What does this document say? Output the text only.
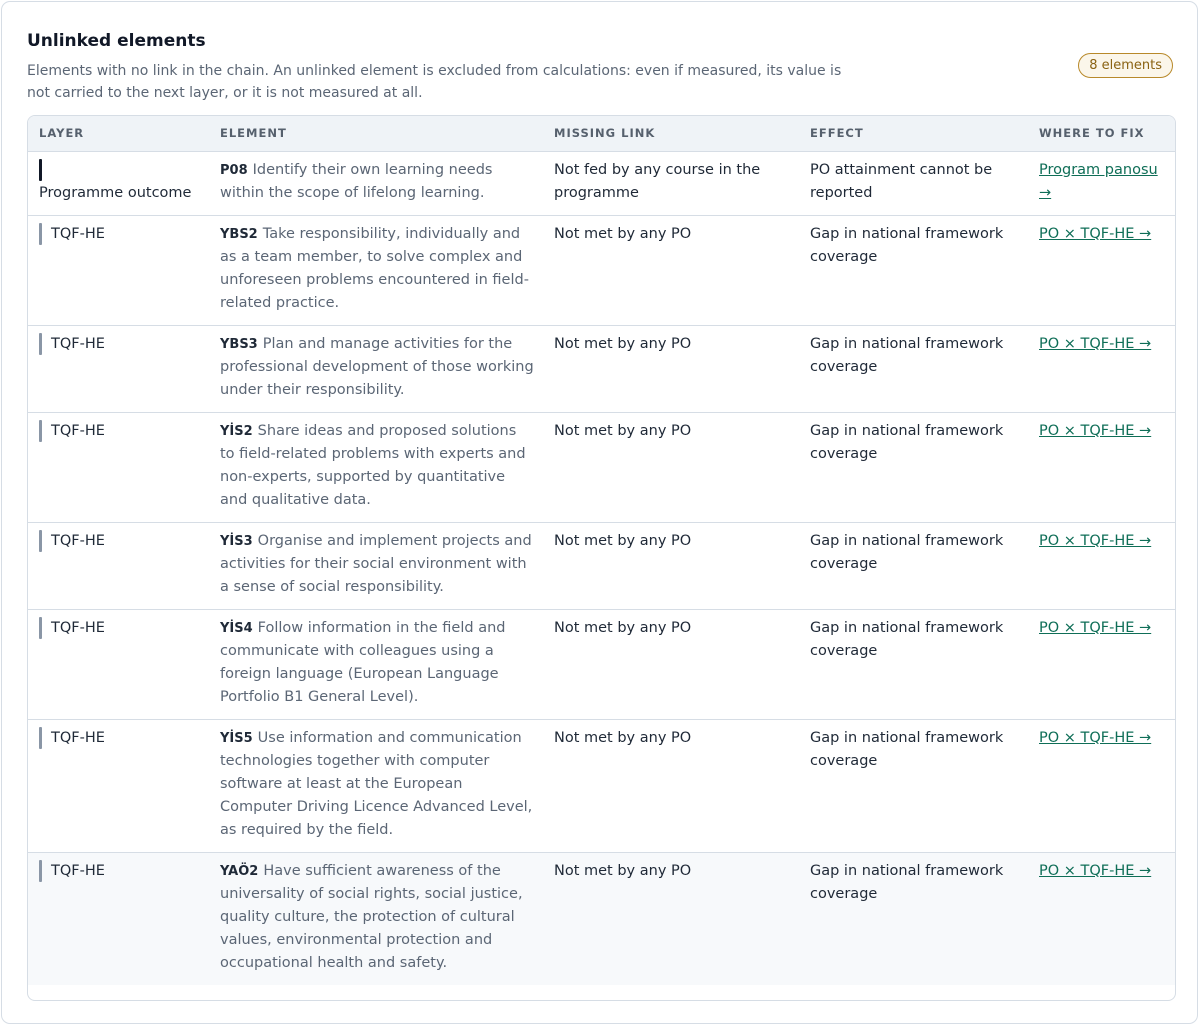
Unlinked elements

Elements with no link in the chain. An unlinked element is excluded from calculations: even if measured, its value is not carried to the next layer, or it is not measured at all.

8 elements
LAYER	ELEMENT	MISSING LINK	EFFECT	WHERE TO FIX
Programme outcome	P08 Identify their own learning needs within the scope of lifelong learning.	Not fed by any course in the programme	PO attainment cannot be reported	Program panosu →
TQF-HE	YBS2 Take responsibility, individually and as a team member, to solve complex and unforeseen problems encountered in field-related practice.	Not met by any PO	Gap in national framework coverage	PO × TQF-HE →
TQF-HE	YBS3 Plan and manage activities for the professional development of those working under their responsibility.	Not met by any PO	Gap in national framework coverage	PO × TQF-HE →
TQF-HE	YİS2 Share ideas and proposed solutions to field-related problems with experts and non-experts, supported by quantitative and qualitative data.	Not met by any PO	Gap in national framework coverage	PO × TQF-HE →
TQF-HE	YİS3 Organise and implement projects and activities for their social environment with a sense of social responsibility.	Not met by any PO	Gap in national framework coverage	PO × TQF-HE →
TQF-HE	YİS4 Follow information in the field and communicate with colleagues using a foreign language (European Language Portfolio B1 General Level).	Not met by any PO	Gap in national framework coverage	PO × TQF-HE →
TQF-HE	YİS5 Use information and communication technologies together with computer software at least at the European Computer Driving Licence Advanced Level, as required by the field.	Not met by any PO	Gap in national framework coverage	PO × TQF-HE →
TQF-HE	YAÖ2 Have sufficient awareness of the universality of social rights, social justice, quality culture, the protection of cultural values, environmental protection and occupational health and safety.	Not met by any PO	Gap in national framework coverage	PO × TQF-HE →
